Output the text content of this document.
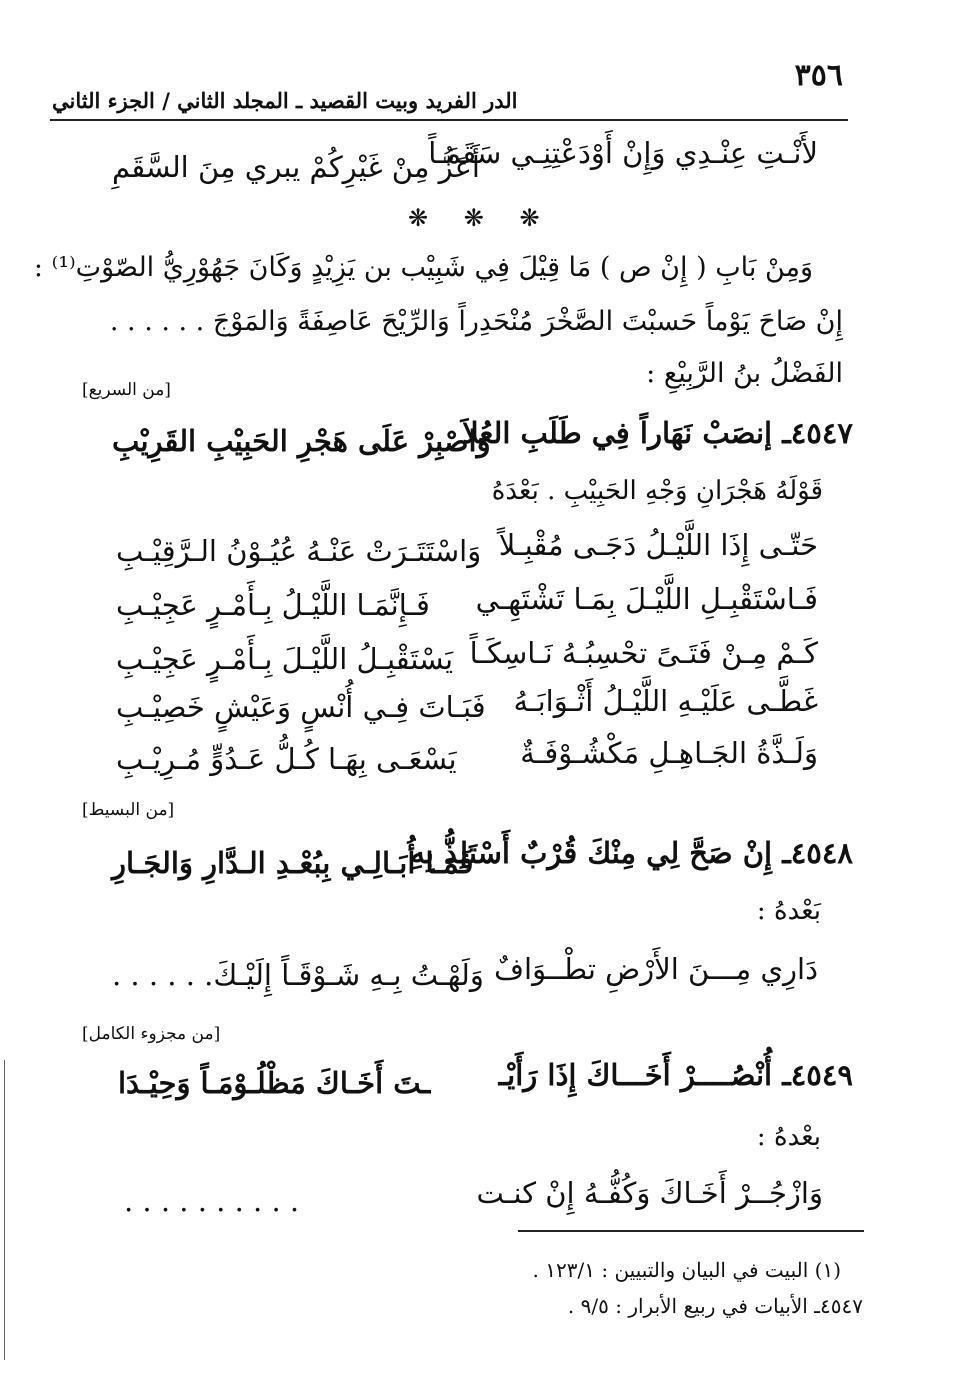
٣٥٦
الدر الفريد وبيت القصيد ـ المجلد الثاني / الجزء الثاني
لأَنْـتِ عِنْـدِي وَإِنْ أَوْدَعْتِنِـي سَقَمَـاً
أَعَزُّ مِنْ غَيْرِكُمْ يبري مِنَ السَّقَمِ
❋ ❋ ❋
وَمِنْ بَابِ ( إِنْ ص ) مَا قِيْلَ فِي شَبِيْب بن يَزِيْدٍ وَكَانَ جَهُوْرِيُّ الصّوْتِ⁽¹⁾ :
إِنْ صَاحَ يَوْماً حَسبْتَ الصَّخْرَ مُنْحَدِراً وَالرِّيْحَ عَاصِفَةً وَالمَوْجَ . . . . . .
الفَضْلُ بنُ الرَّبِيْعِ :
[من السريع]
٤٥٤٧ـ إنصَبْ نَهَاراً فِي طَلَبِ العُلاَ
وَاصْبِرْ عَلَى هَجْرِ الحَبِيْبِ القَرِيْبِ
قَوْلَهُ هَجْرَانِ وَجْهِ الحَبِيْبِ . بَعْدَهُ
حَتّـى إِذَا اللَّيْـلُ دَجَـى مُقْبِـلاً
وَاسْتَتَـرَتْ عَنْـهُ عُيُـوْنُ الـرَّقِيْـبِ
فَـاسْتَقْبِـلِ اللَّيْـلَ بِمَـا تَشْتَهِـي
فَـإِنَّمَـا اللَّيْـلُ بِـأَمْـرٍ عَجِيْـبِ
كَـمْ مِـنْ فَتَـىً تحْسِبُـهُ نَـاسِكَـاً
يَسْتَقْبِـلُ اللَّيْـلَ بِـأَمْـرٍ عَجِيْـبِ
غَطَّـى عَلَيْـهِ اللَّيْـلُ أَثْـوَابَـهُ
فَبَـاتَ فِـي أُنْسٍ وَعَيْشٍ خَصِيْـبِ
وَلَـذَّةُ الجَـاهِـلِ مَكْشُـوْفَـةٌ
يَسْعَـى بِهَـا كُـلُّ عَـدُوٍّ مُـرِيْـبِ
[من البسيط]
٤٥٤٨ـ إِنْ صَحَّ لِي مِنْكَ قُرْبٌ أَسْتَلِذُّ بِهِ
فَمَـا أُبَـالِـي بِبُعْـدِ الـدَّارِ وَالجَـارِ
بَعْدهُ :
دَارِي مِـــنَ الأَرْضِ تطْــوَافٌ
وَلَهْـتُ بِـهِ شَـوْقَـاً إِلَيْـكَ. . . . . .
[من مجزوء الكامل]
٤٥٤٩ـ أُنْصُــــرْ أَخَـــاكَ إِذَا رَأَيْـ
ـتَ أَخَـاكَ مَظْلُـوْمَـاً وَحِيْـدَا
بعْدهُ :
وَازْجُــرْ أَخَـاكَ وَكُفُّـهُ إِنْ كنـت
. . . . . . . . . .
(١) البيت في البيان والتبيين : ١٢٣/١ .
٤٥٤٧ـ الأبيات في ربيع الأبرار : ٩/٥ .
